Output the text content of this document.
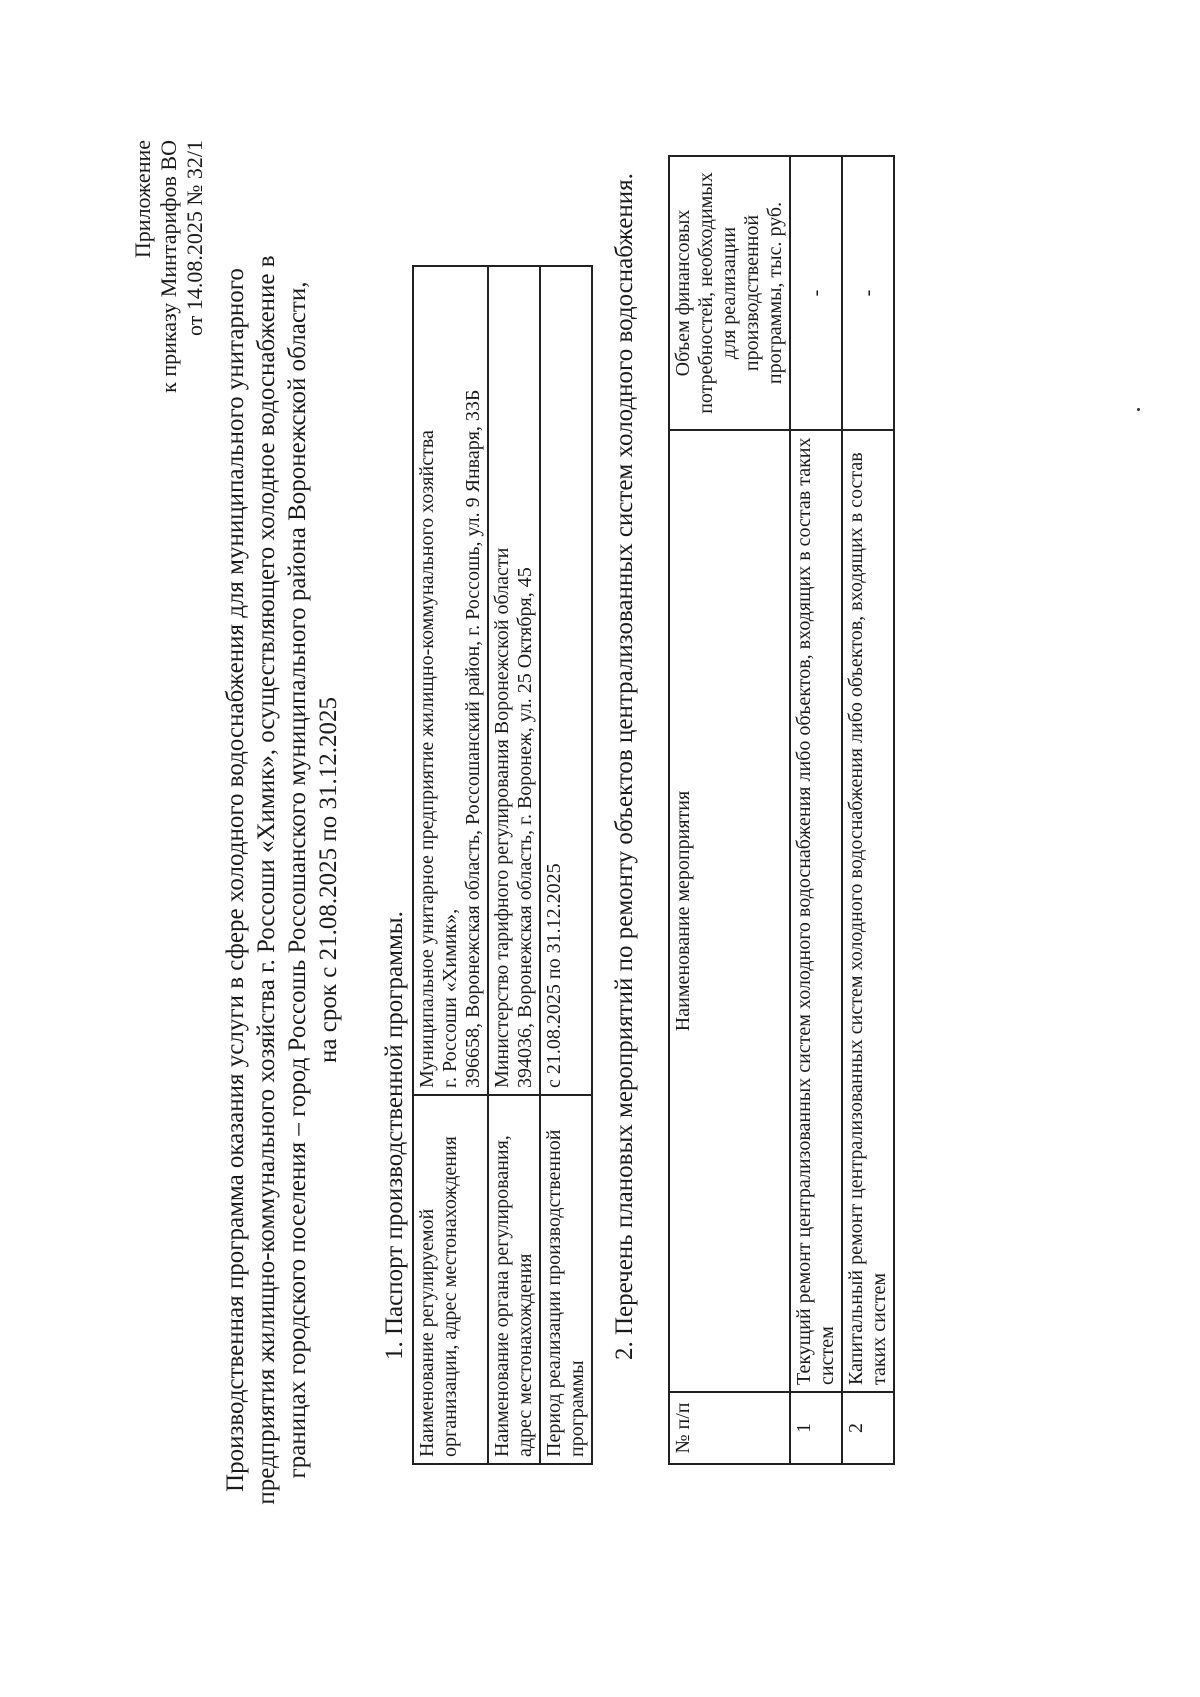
Приложение к приказу Минтарифов ВО от 14.08.2025 № 32/1
Производственная программа оказания услуги в сфере холодного водоснабжения для муниципального унитарного предприятия жилищно-коммунального хозяйства г. Россоши «Химик», осуществляющего холодное водоснабжение в границах городского поселения – город Россошь Россошанского муниципального района Воронежской области, на срок с 21.08.2025 по 31.12.2025
1. Паспорт производственной программы. Наименование регулируемой организации, адрес местонахождения	Муниципальное унитарное предприятие жилищно-коммунального хозяйства г. Россоши «Химик», 396658, Воронежская область, Россошанский район, г. Россошь, ул. 9 Января, 33Б

Наименование органа регулирования, адрес местонахождения	Министерство тарифного регулирования Воронежской области 394036, Воронежская область, г. Воронеж, ул. 25 Октября, 45

Период реализации производственной программы	с 21.08.2025 по 31.12.2025 2. Перечень плановых мероприятий по ремонту объектов централизованных систем холодного водоснабжения.
№ п/п	Наименование мероприятия	Объем финансовых потребностей, необходимых для реализации производственной программы, тыс. руб.
1	Текущий ремонт централизованных систем холодного водоснабжения либо объектов, входящих в состав таких систем	-
2	Капитальный ремонт централизованных систем холодного водоснабжения либо объектов, входящих в состав таких систем	-
